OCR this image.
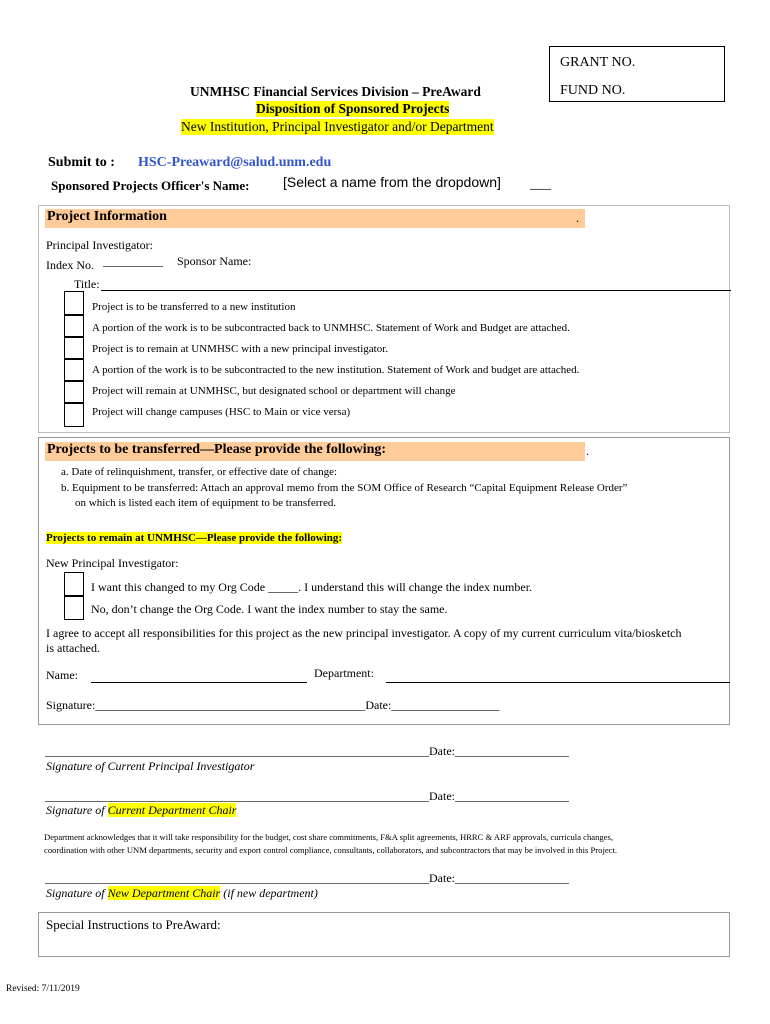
GRANT NO.
FUND NO.
UNMHSC Financial Services Division – PreAward
Disposition of Sponsored Projects
New Institution, Principal Investigator and/or Department
Submit to : HSC-Preaward@salud.unm.edu
Sponsored Projects Officer's Name: [Select a name from the dropdown] ___
Project Information	.
Principal Investigator:
Index No. __________ Sponsor Name:
Title:
Project is to be transferred to a new institution
A portion of the work is to be subcontracted back to UNMHSC. Statement of Work and Budget are attached.
Project is to remain at UNMHSC with a new principal investigator.
A portion of the work is to be subcontracted to the new institution. Statement of Work and budget are attached.
Project will remain at UNMHSC, but designated school or department will change
Project will change campuses (HSC to Main or vice versa)
Projects to be transferred—Please provide the following:	.
a. Date of relinquishment, transfer, or effective date of change:
b. Equipment to be transferred: Attach an approval memo from the SOM Office of Research “Capital Equipment Release Order”
on which is listed each item of equipment to be transferred.
Projects to remain at UNMHSC—Please provide the following:
New Principal Investigator:
I want this changed to my Org Code _____. I understand this will change the index number.
No, don’t change the Org Code. I want the index number to stay the same.
I agree to accept all responsibilities for this project as the new principal investigator. A copy of my current curriculum vita/biosketch
is attached.
Name:	Department:
Signature:_____________________________________________Date:__________________
________________________________________________________________Date:___________________
Signature of Current Principal Investigator
________________________________________________________________Date:___________________
Signature of Current Department Chair
Department acknowledges that it will take responsibility for the budget, cost share commitments, F&A split agreements, HRRC & ARF approvals, curricula changes,
coordination with other UNM departments, security and export control compliance, consultants, collaborators, and subcontractors that may be involved in this Project.
________________________________________________________________Date:___________________
Signature of New Department Chair (if new department)
Special Instructions to PreAward:
Revised: 7/11/2019
